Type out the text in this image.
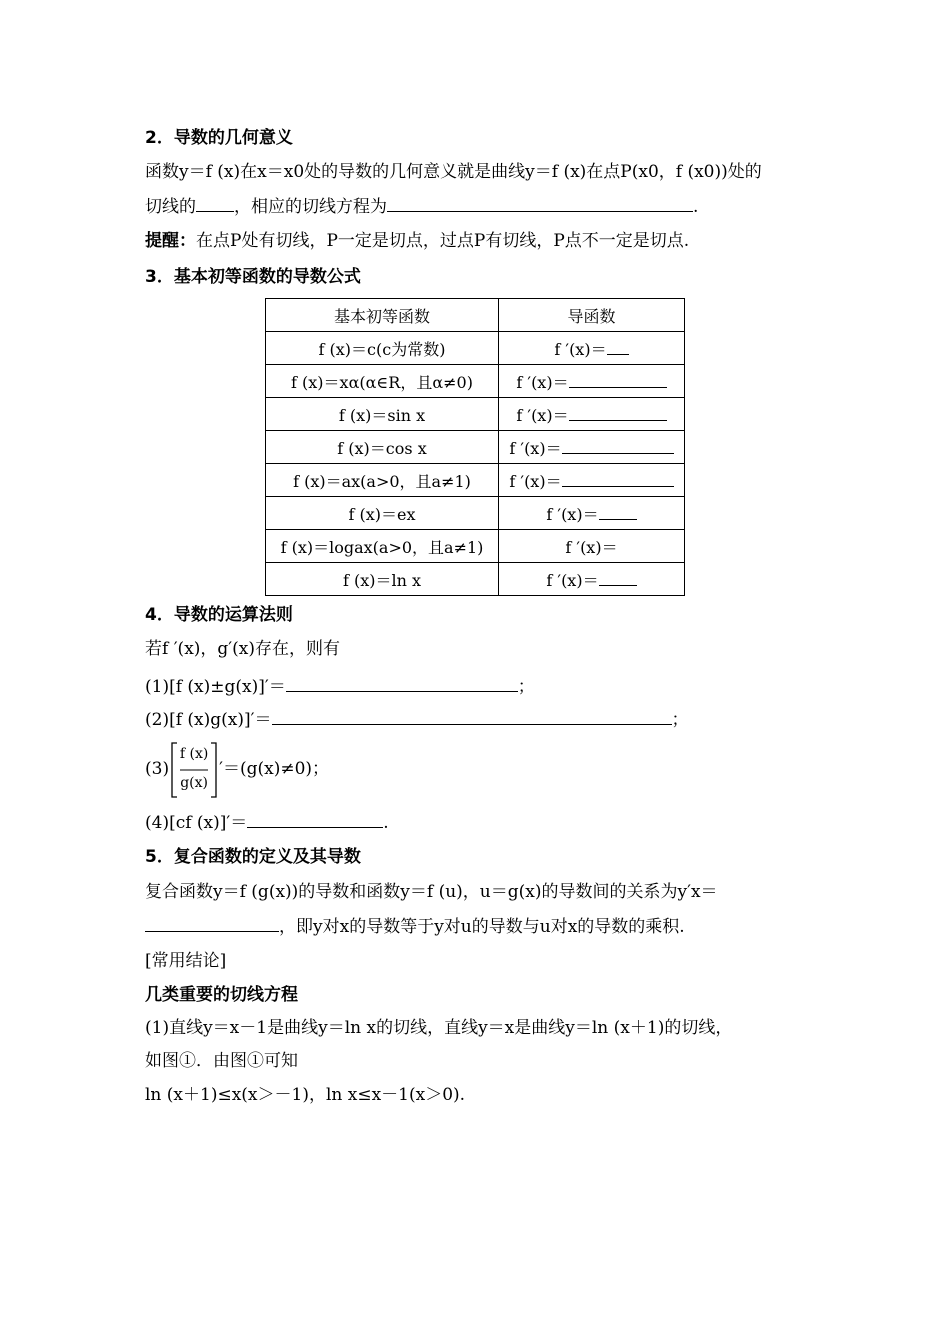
2．导数的几何意义
函数y＝f (x)在x＝x0处的导数的几何意义就是曲线y＝f (x)在点P(x0，f (x0))处的
切线的 ，相应的切线方程为	.
提醒：在点P处有切线，P一定是切点，过点P有切线，P点不一定是切点.
3．基本初等函数的导数公式
基本初等函数	导函数
f (x)＝c(c为常数)	f ′(x)＝
f (x)＝xα(α∈R，且α≠0)	f ′(x)＝
f (x)＝sin x	f ′(x)＝
f (x)＝cos x	f ′(x)＝
f (x)＝ax(a>0，且a≠1)	f ′(x)＝
f (x)＝ex	f ′(x)＝
f (x)＝logax(a>0，且a≠1)	f ′(x)＝
f (x)＝ln x	f ′(x)＝
4．导数的运算法则
若f ′(x)，g′(x)存在，则有
(1)[f (x)±g(x)]′＝	；
(2)[f (x)g(x)]′＝	；
(3)
f (x)
g(x)
′＝(g(x)≠0)；
(4)[cf (x)]′＝	.
5．复合函数的定义及其导数
复合函数y＝f (g(x))的导数和函数y＝f (u)，u＝g(x)的导数间的关系为y′x＝
，即y对x的导数等于y对u的导数与u对x的导数的乘积.
[常用结论]
几类重要的切线方程
(1)直线y＝x－1是曲线y＝ln x的切线，直线y＝x是曲线y＝ln (x＋1)的切线，
如图①．由图①可知
ln (x＋1)≤x(x＞－1)，ln x≤x－1(x＞0).
